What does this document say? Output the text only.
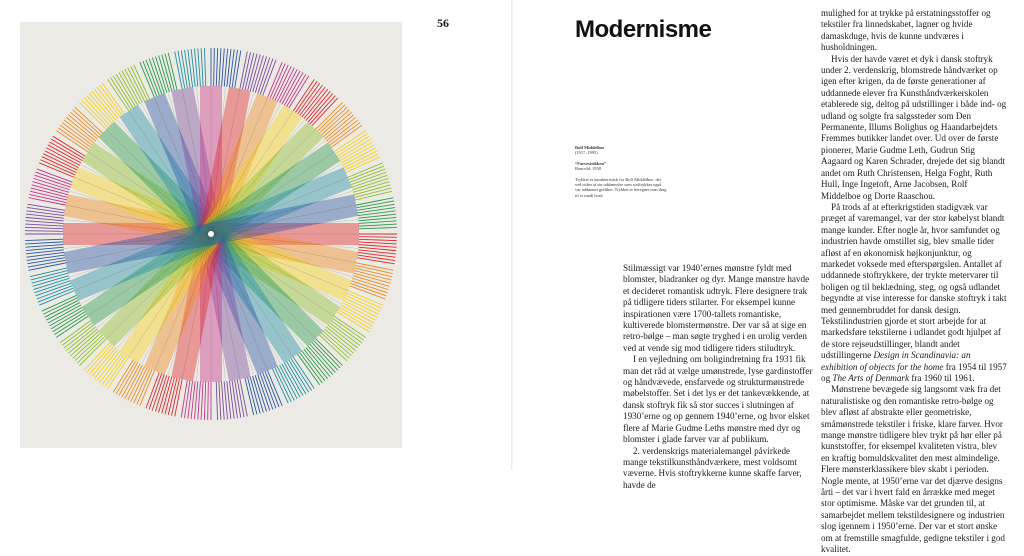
56	Modernisme
Rolf Middelboe
(1917–1995)
“Farvestrikken”
Boncold, 1958
Trykket er karakteristisk for Rolf Middelboe, der ved siden af sin uddannelse som stoftrykker også var uddannet grafiker. Trykket er beregnet som drag til et rundt bord.

Stilmæssigt var 1940’ernes mønstre fyldt med blomster, bladranker og dyr. Mange mønstre havde et decideret romantisk udtryk. Flere designere trak på tidligere tiders stilarter. For eksempel kunne inspirationen være 1700-tallets romantiske, kultiverede blomstermønstre. Der var så at sige en retro-bølge – man søgte tryghed i en urolig verden ved at vende sig mod tidligere tiders stiludtryk.

I en vejledning om boligindretning fra 1931 fik man det råd at vælge umønstrede, lyse gardinstoffer og håndvævede, ensfarvede og strukturmønstrede møbelstoffer. Set i det lys er det tankevækkende, at dansk stoftryk fik så stor succes i slutningen af 1930’erne og op gennem 1940’erne, og hvor elsket flere af Marie Gudme Leths mønstre med dyr og blomster i glade farver var af publikum.

2. verdenskrigs materialemangel påvirkede mange tekstilkunsthåndværkere, mest voldsomt væverne. Hvis stoftrykkerne kunne skaffe farver, havde de

mulighed for at trykke på erstatningsstoffer og tekstiler fra linnedskabet, lagner og hvide damaskduge, hvis de kunne undværes i husholdningen.

Hvis der havde været et dyk i dansk stoftryk under 2. verdenskrig, blomstrede håndværket op igen efter krigen, da de første generationer af uddannede elever fra Kunsthåndværkerskolen etablerede sig, deltog på udstillinger i både ind- og udland og solgte fra salgssteder som Den Permanente, Illums Bolighus og Haandarbejdets Fremmes butikker landet over. Ud over de første pionerer, Marie Gudme Leth, Gudrun Stig Aagaard og Karen Schrader, drejede det sig blandt andet om Ruth Christensen, Helga Foght, Ruth Hull, Inge Ingetoft, Arne Jacobsen, Rolf Middelboe og Dorte Raaschou.

På trods af at efterkrigstiden stadigvæk var præget af varemangel, var der stor købelyst blandt mange kunder. Efter nogle år, hvor samfundet og industrien havde omstillet sig, blev smalle tider afløst af en økonomisk højkonjunktur, og markedet voksede med efterspørgslen. Antallet af uddannede stoftrykkere, der trykte metervarer til boligen og til beklædning, steg, og også udlandet begyndte at vise interesse for danske stoftryk i takt med gennembruddet for dansk design. Tekstilindustrien gjorde et stort arbejde for at markedsføre tekstilerne i udlandet godt hjulpet af de store rejseudstillinger, blandt andet udstillingerne Design in Scandinavia: an exhibition of objects for the home fra 1954 til 1957 og The Arts of Denmark fra 1960 til 1961.

Mønstrene bevægede sig langsomt væk fra det naturalistiske og den romantiske retro-bølge og blev afløst af abstrakte eller geometriske, småmønstrede tekstiler i friske, klare farver. Hvor mange mønstre tidligere blev trykt på hør eller på kunststoffer, for eksempel kvaliteten vistra, blev en kraftig bomuldskvalitet den mest almindelige. Flere mønsterklassikere blev skabt i perioden. Nogle mente, at 1950’erne var det djærve designs årti – det var i hvert fald en årrække med meget stor optimisme. Måske var det grunden til, at samarbejdet mellem tekstildesignere og industrien slog igennem i 1950’erne. Der var et stort ønske om at fremstille smagfulde, gedigne tekstiler i god kvalitet.
